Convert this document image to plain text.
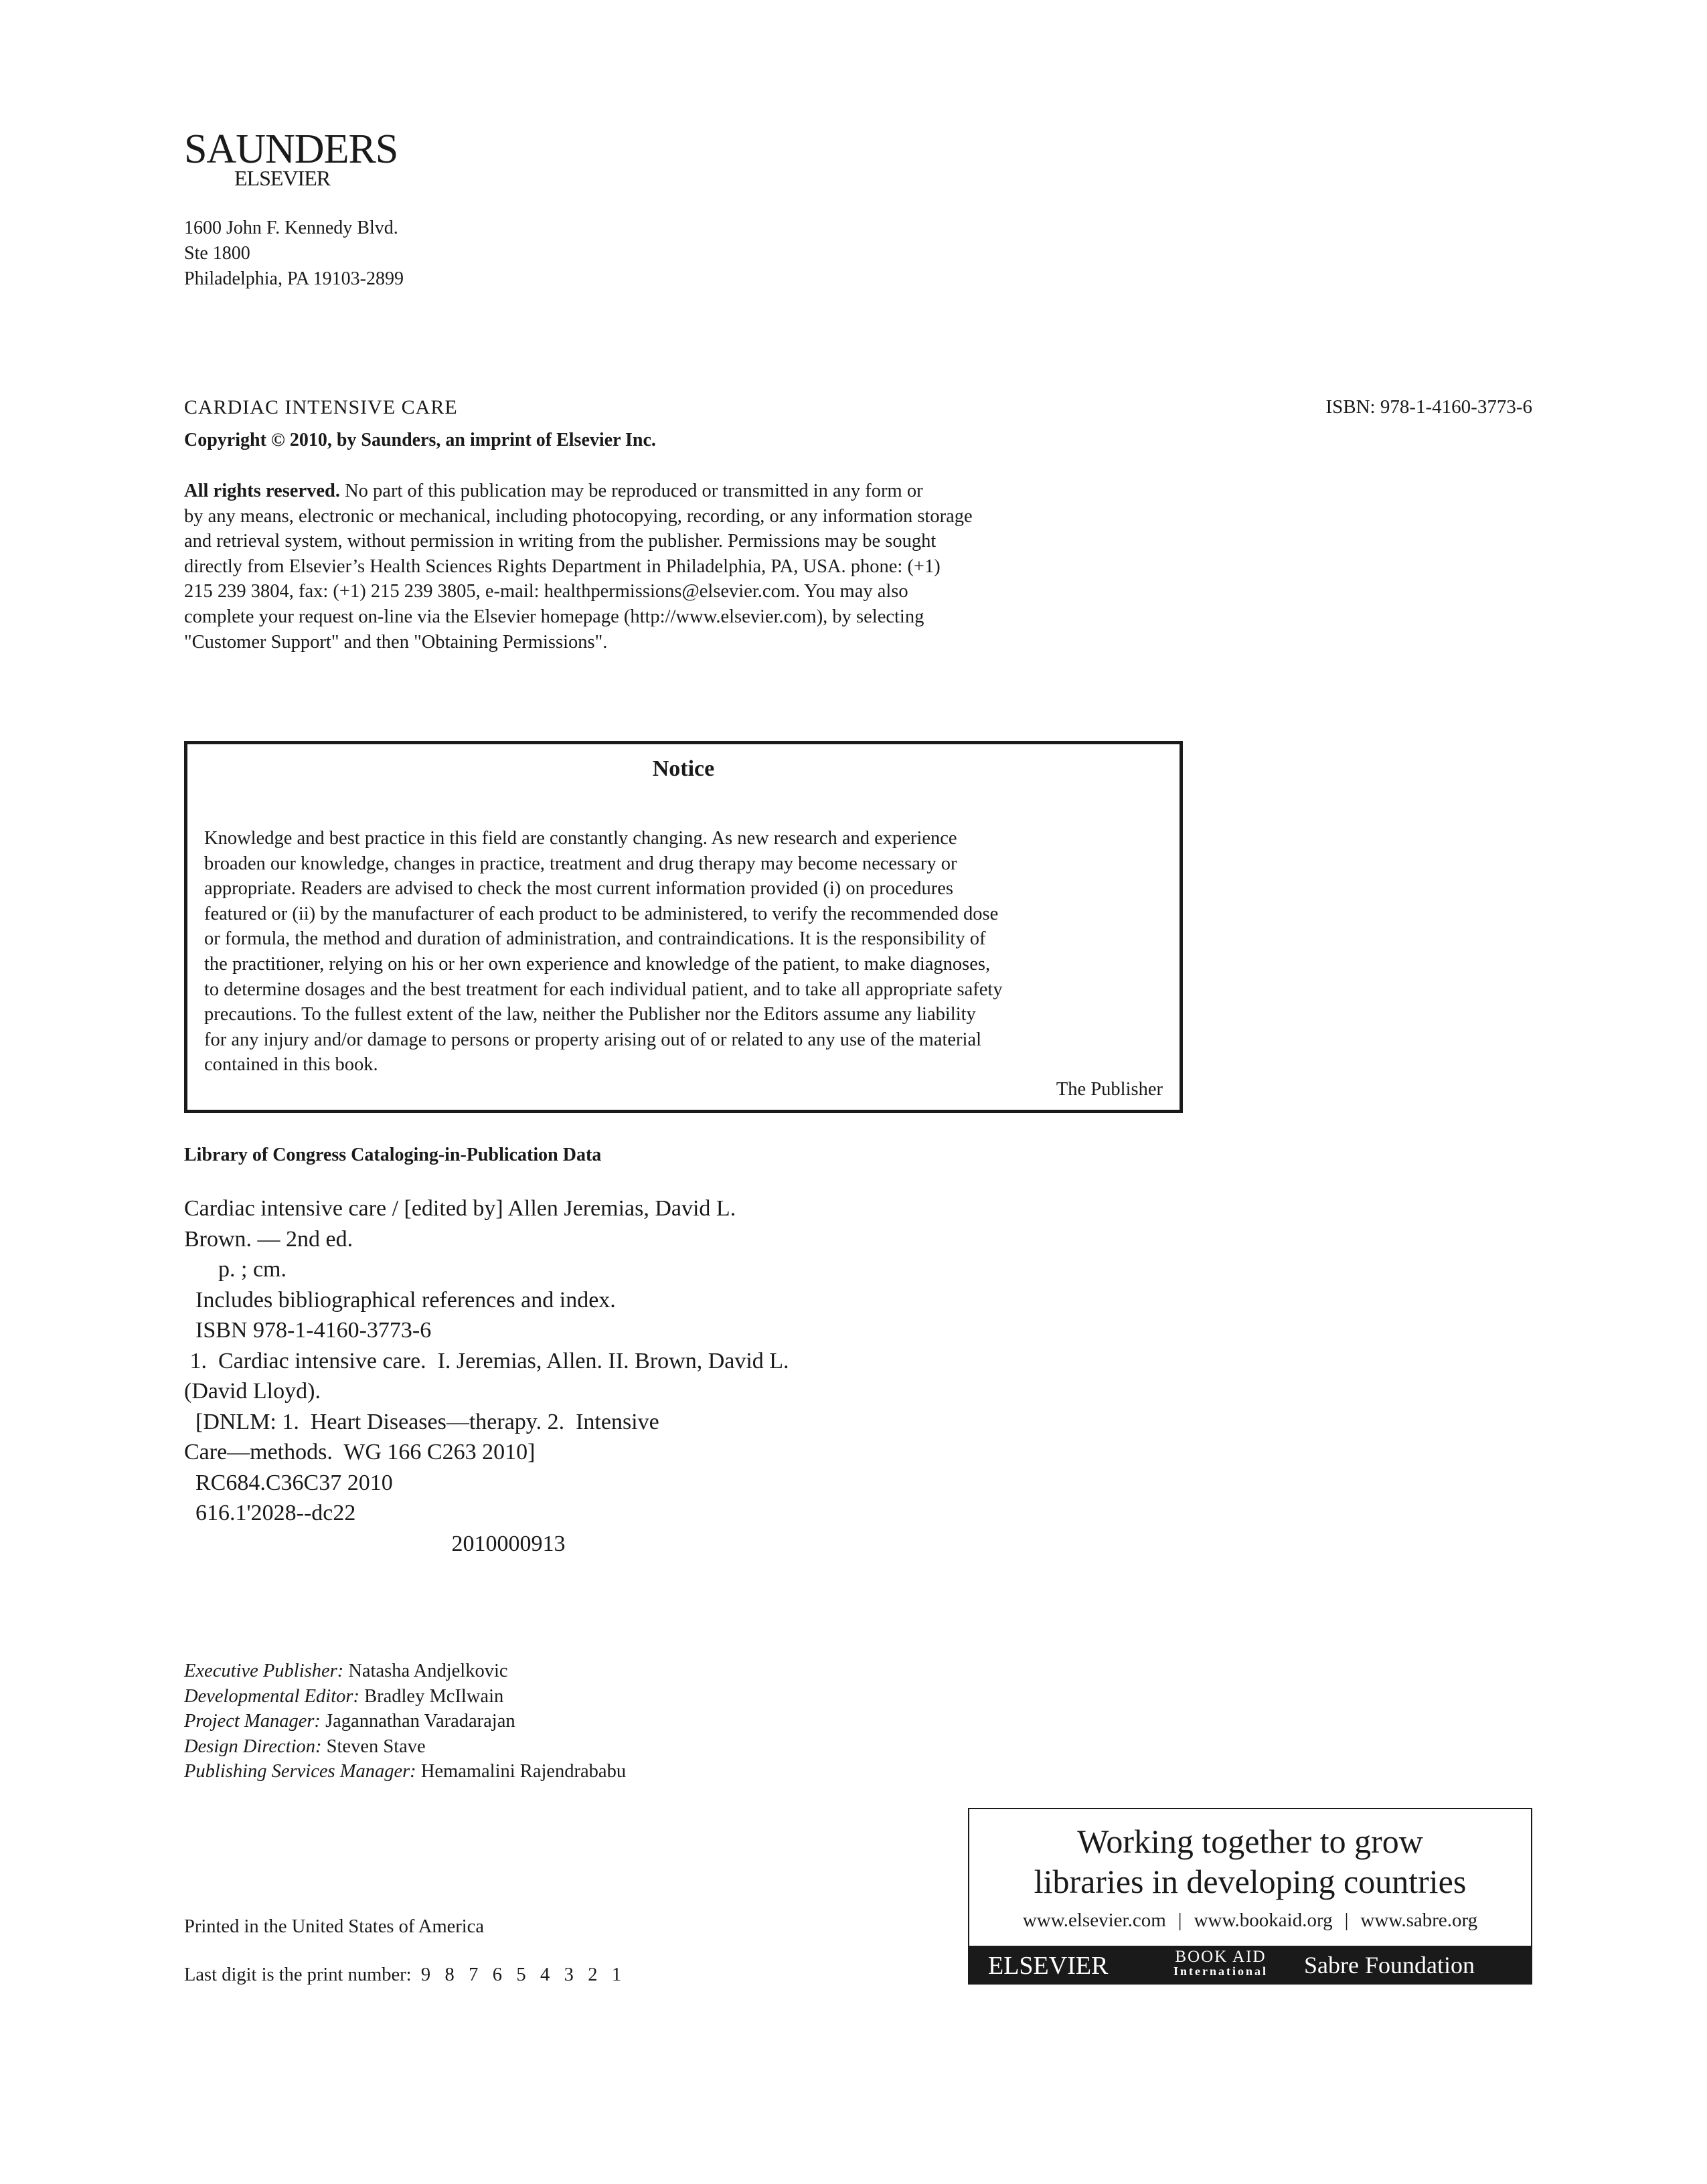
SAUNDERS
ELSEVIER

1600 John F. Kennedy Blvd.

Ste 1800

Philadelphia, PA 19103-2899

CARDIAC INTENSIVE CARE	ISBN: 978-1-4160-3773-6
Copyright © 2010, by Saunders, an imprint of Elsevier Inc.
All rights reserved. No part of this publication may be reproduced or transmitted in any form or
by any means, electronic or mechanical, including photocopying, recording, or any information storage
and retrieval system, without permission in writing from the publisher. Permissions may be sought
directly from Elsevier’s Health Sciences Rights Department in Philadelphia, PA, USA. phone: (+1)
215 239 3804, fax: (+1) 215 239 3805, e-mail: healthpermissions@elsevier.com. You may also
complete your request on-line via the Elsevier homepage (http://www.elsevier.com), by selecting
"Customer Support" and then "Obtaining Permissions".
Notice
Knowledge and best practice in this field are constantly changing. As new research and experience
broaden our knowledge, changes in practice, treatment and drug therapy may become necessary or
appropriate. Readers are advised to check the most current information provided (i) on procedures
featured or (ii) by the manufacturer of each product to be administered, to verify the recommended dose
or formula, the method and duration of administration, and contraindications. It is the responsibility of
the practitioner, relying on his or her own experience and knowledge of the patient, to make diagnoses,
to determine dosages and the best treatment for each individual patient, and to take all appropriate safety
precautions. To the fullest extent of the law, neither the Publisher nor the Editors assume any liability
for any injury and/or damage to persons or property arising out of or related to any use of the material
contained in this book.
The Publisher
Library of Congress Cataloging-in-Publication Data
Cardiac intensive care / [edited by] Allen Jeremias, David L.
Brown. — 2nd ed.
p. ; cm.
Includes bibliographical references and index.
ISBN 978-1-4160-3773-6
1.  Cardiac intensive care.  I. Jeremias, Allen. II. Brown, David L.
(David Lloyd).
[DNLM: 1.  Heart Diseases—therapy. 2.  Intensive
Care—methods.  WG 166 C263 2010]
RC684.C36C37 2010
616.1'2028--dc22
2010000913

Executive Publisher: Natasha Andjelkovic

Developmental Editor: Bradley McIlwain

Project Manager: Jagannathan Varadarajan

Design Direction: Steven Stave

Publishing Services Manager: Hemamalini Rajendrababu

Printed in the United States of America
Last digit is the print number:  9   8   7   6   5   4   3   2   1
Working together to grow
libraries in developing countries
www.elsevier.com | www.bookaid.org | www.sabre.org
ELSEVIER	BOOK AID
International Sabre Foundation
